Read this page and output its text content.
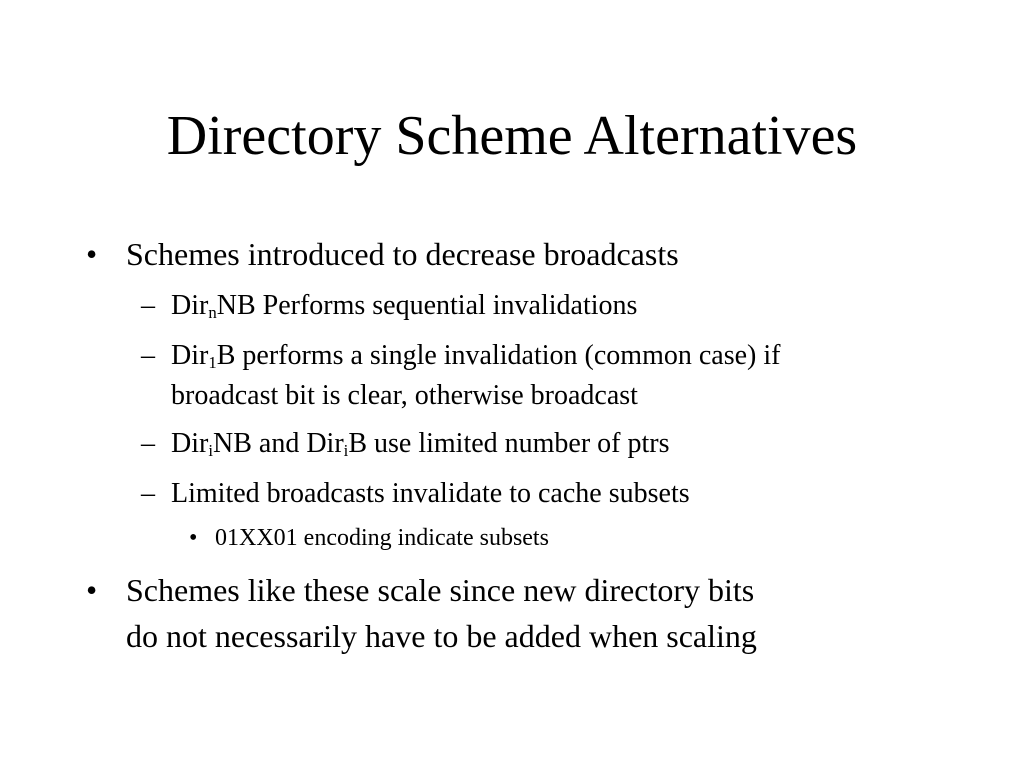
Directory Scheme Alternatives
• Schemes introduced to decrease broadcasts
– Dir$_n$NB Performs sequential invalidations
– Dir$_1$B performs a single invalidation (common case) if
broadcast bit is clear, otherwise broadcast
– Dir$_i$NB and Dir$_i$B use limited number of ptrs
– Limited broadcasts invalidate to cache subsets
• 01XX01 encoding indicate subsets
• Schemes like these scale since new directory bits
do not necessarily have to be added when scaling
